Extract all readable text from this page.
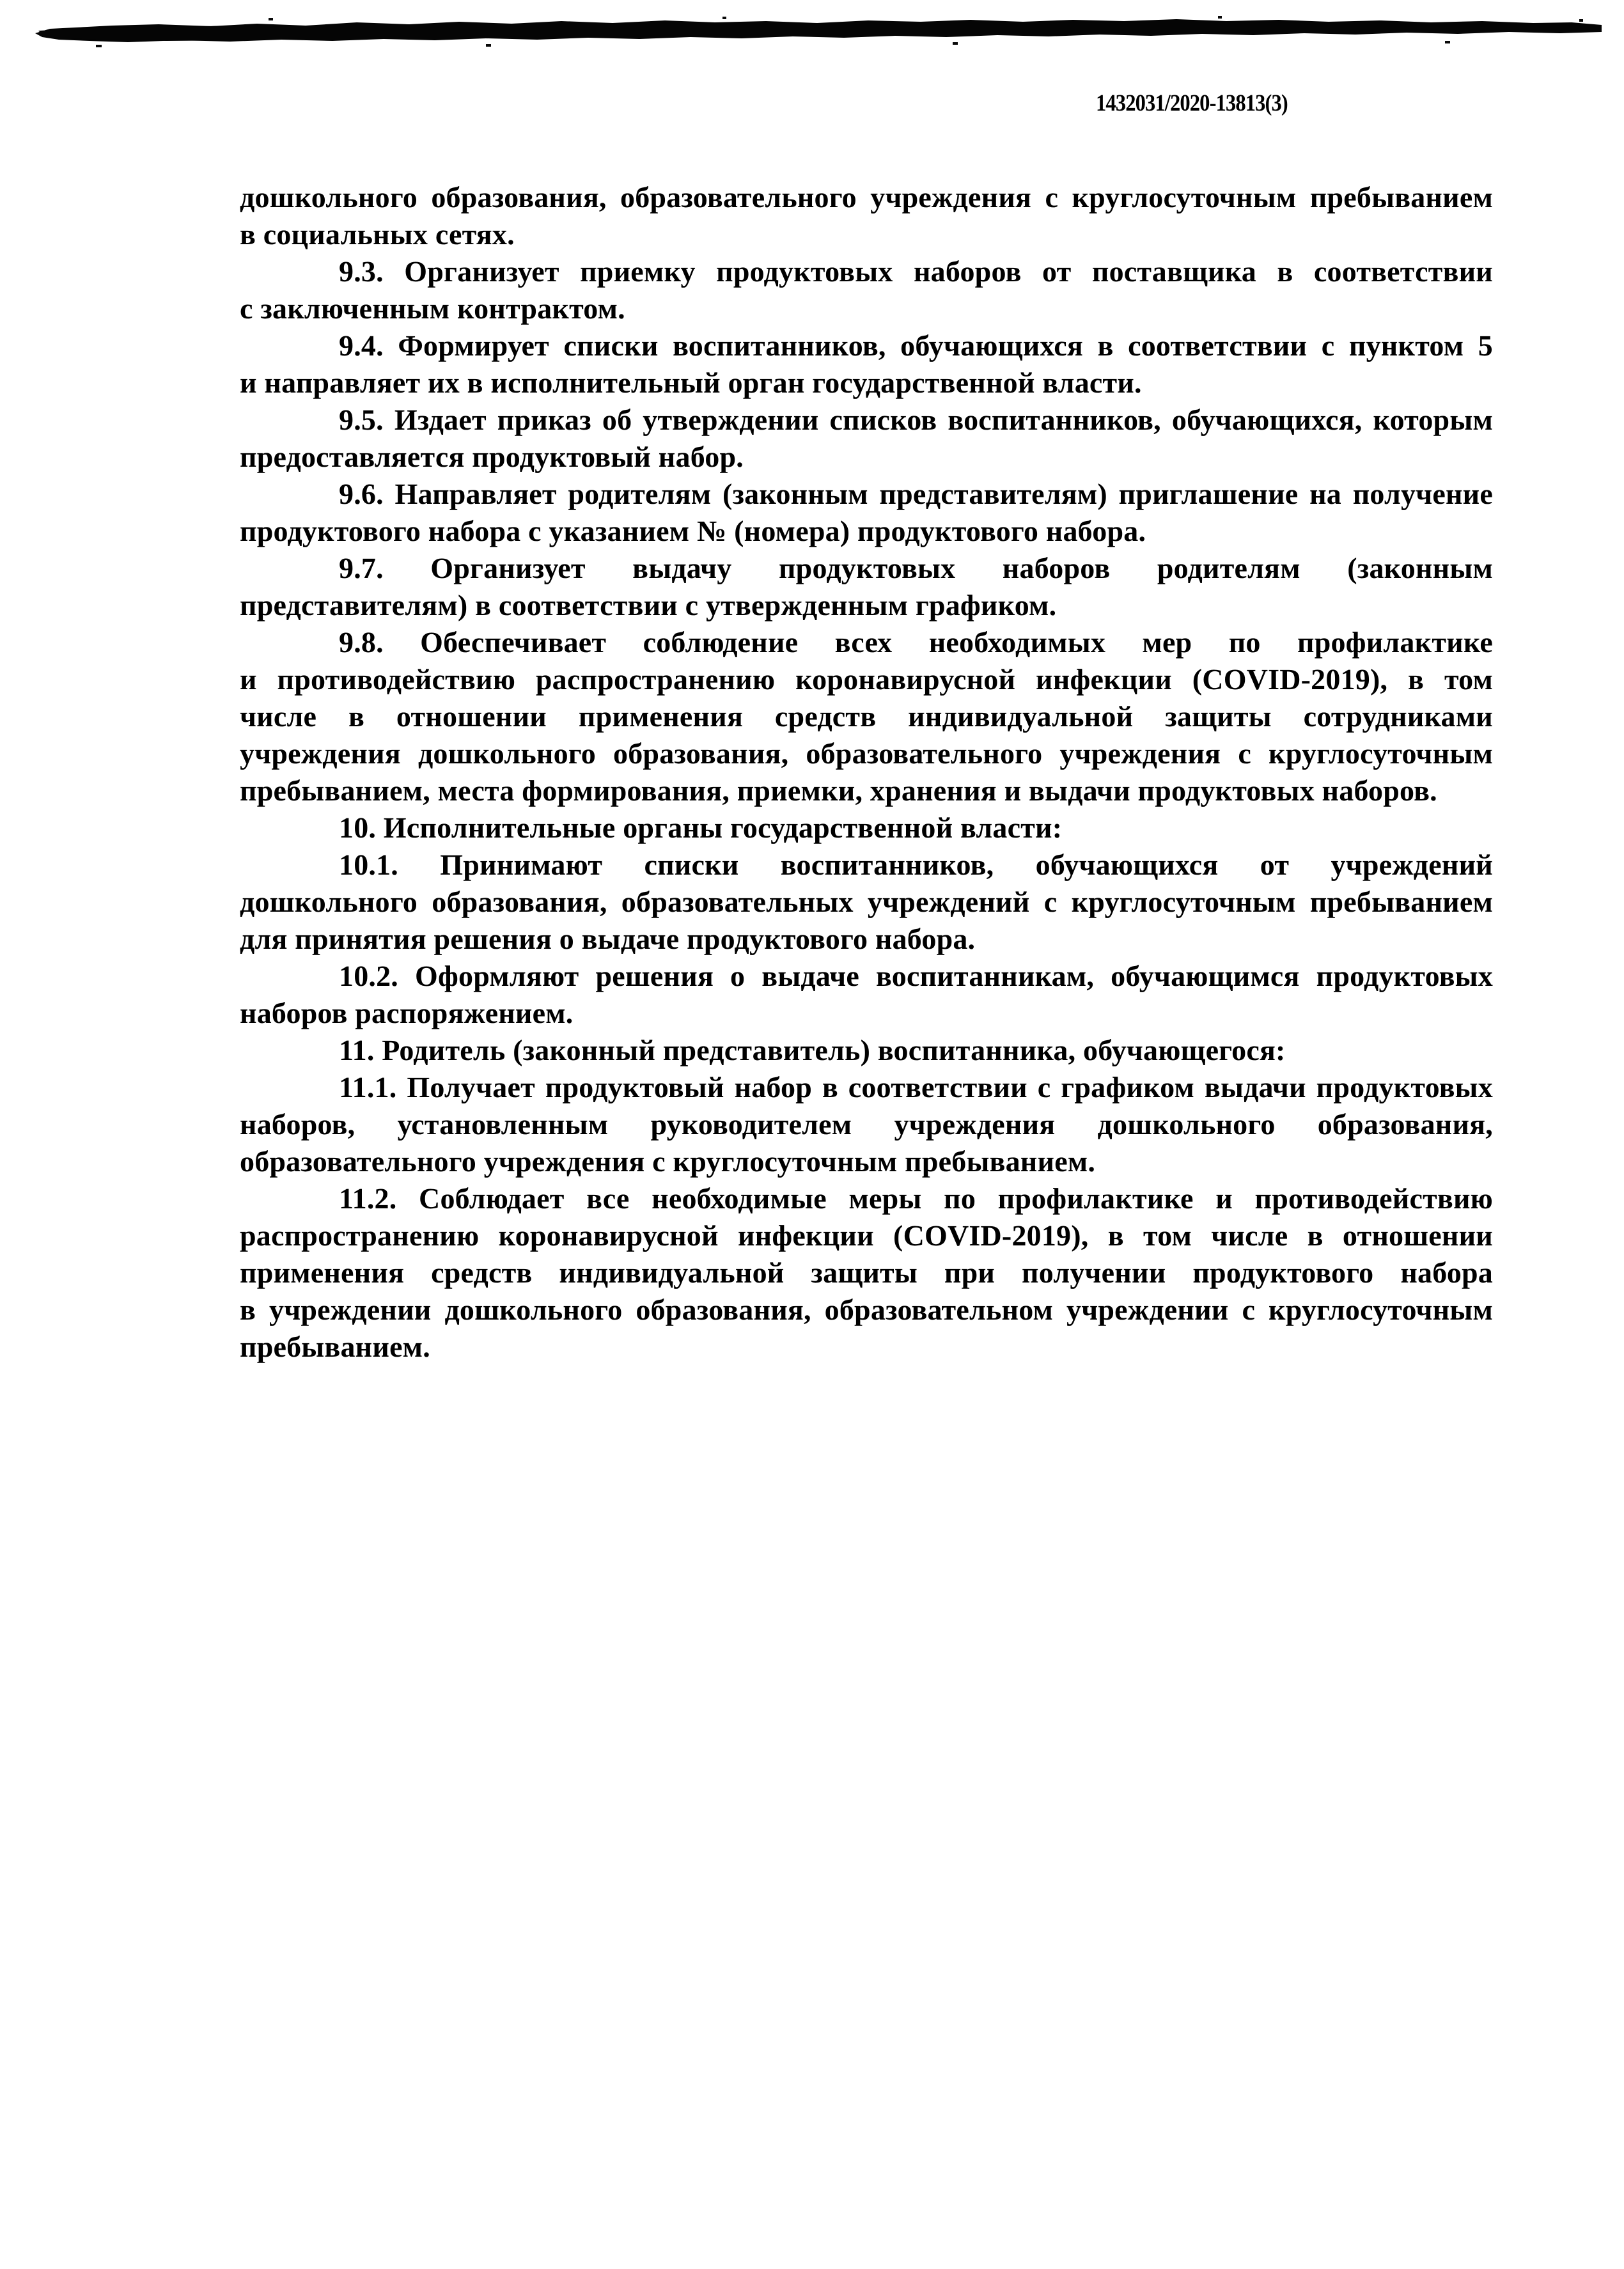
1432031/2020-13813(3)
дошкольного образования, образовательного учреждения с круглосуточным пребыванием
в социальных сетях.
9.3. Организует приемку продуктовых наборов от поставщика в соответствии
с заключенным контрактом.
9.4. Формирует списки воспитанников, обучающихся в соответствии с пунктом 5
и направляет их в исполнительный орган государственной власти.
9.5. Издает приказ об утверждении списков воспитанников, обучающихся, которым
предоставляется продуктовый набор.
9.6. Направляет родителям (законным представителям) приглашение на получение
продуктового набора с указанием № (номера) продуктового набора.
9.7. Организует выдачу продуктовых наборов родителям (законным
представителям) в соответствии с утвержденным графиком.
9.8. Обеспечивает соблюдение всех необходимых мер по профилактике
и противодействию распространению коронавирусной инфекции (COVID-2019), в том
числе в отношении применения средств индивидуальной защиты сотрудниками
учреждения дошкольного образования, образовательного учреждения с круглосуточным
пребыванием, места формирования, приемки, хранения и выдачи продуктовых наборов.
10. Исполнительные органы государственной власти:
10.1. Принимают списки воспитанников, обучающихся от учреждений
дошкольного образования, образовательных учреждений с круглосуточным пребыванием
для принятия решения о выдаче продуктового набора.
10.2. Оформляют решения о выдаче воспитанникам, обучающимся продуктовых
наборов распоряжением.
11. Родитель (законный представитель) воспитанника, обучающегося:
11.1. Получает продуктовый набор в соответствии с графиком выдачи продуктовых
наборов, установленным руководителем учреждения дошкольного образования,
образовательного учреждения с круглосуточным пребыванием.
11.2. Соблюдает все необходимые меры по профилактике и противодействию
распространению коронавирусной инфекции (COVID-2019), в том числе в отношении
применения средств индивидуальной защиты при получении продуктового набора
в учреждении дошкольного образования, образовательном учреждении с круглосуточным
пребыванием.
